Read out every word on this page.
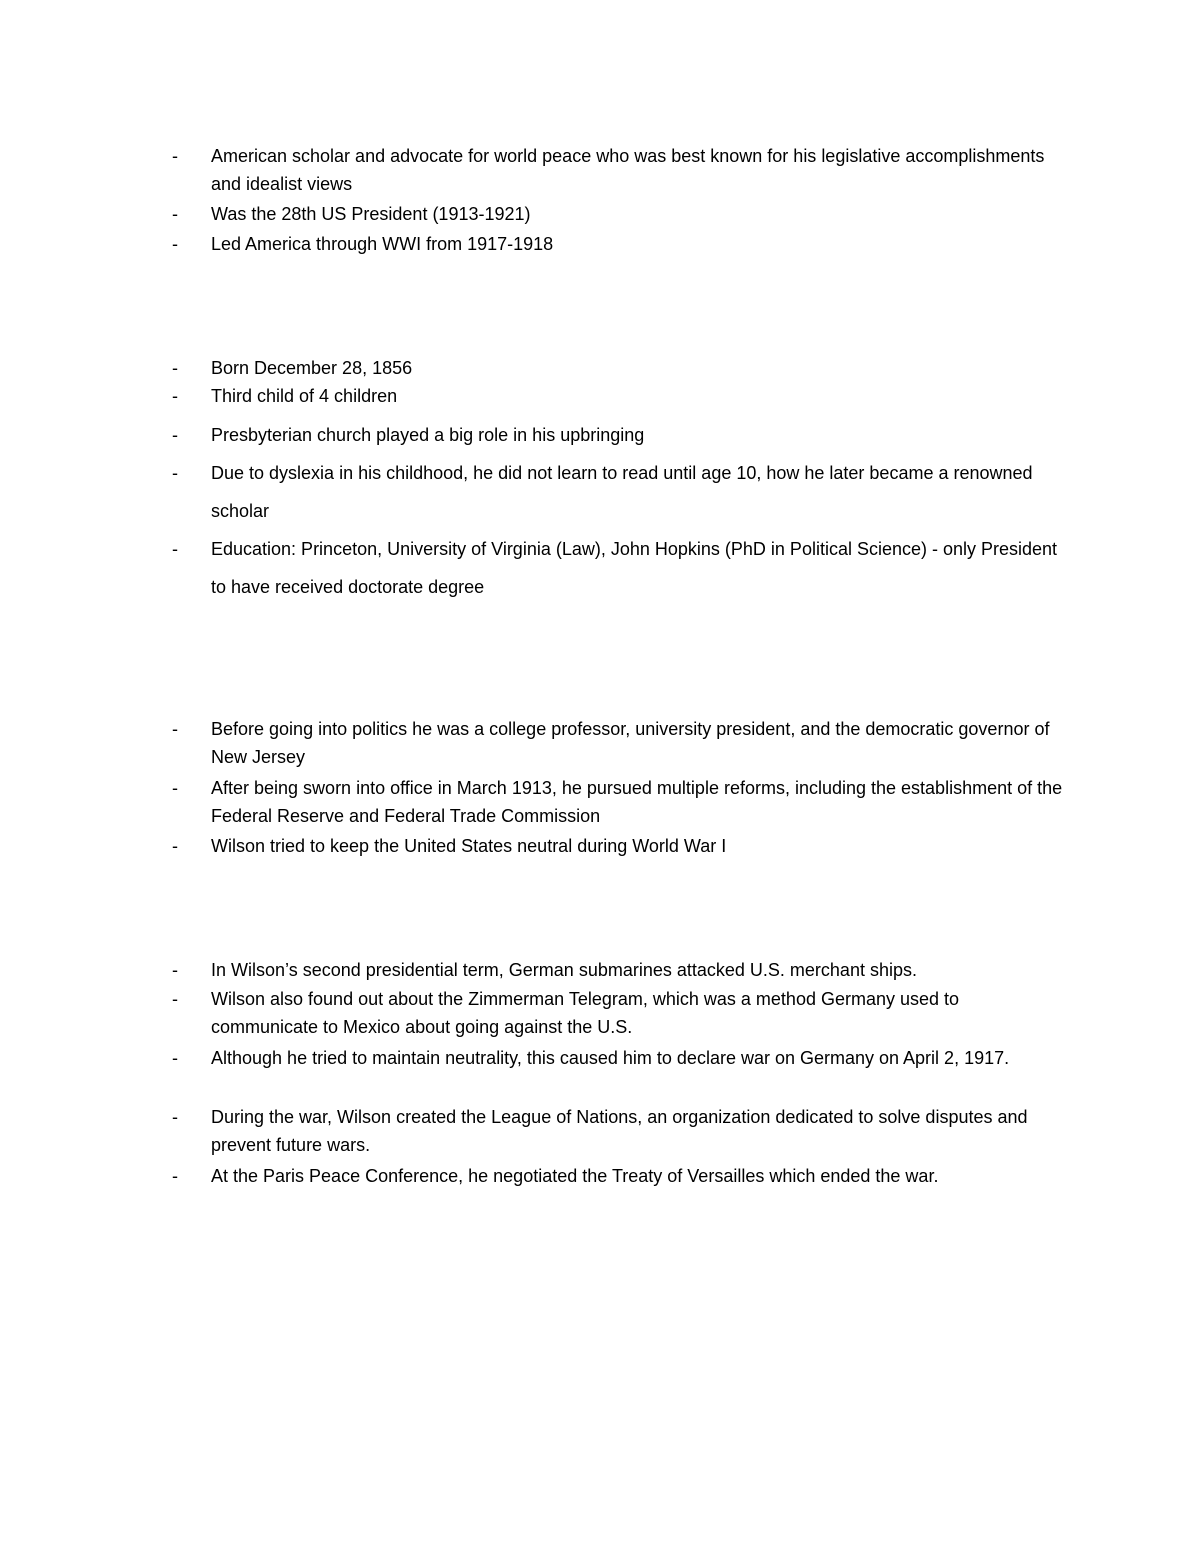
- American scholar and advocate for world peace who was best known for his legislative accomplishments and idealist views
- Was the 28th US President (1913-1921)
- Led America through WWI from 1917-1918
- Born December 28, 1856
- Third child of 4 children
- Presbyterian church played a big role in his upbringing
- Due to dyslexia in his childhood, he did not learn to read until age 10, how he later became a renowned scholar
- Education: Princeton, University of Virginia (Law), John Hopkins (PhD in Political Science) - only President to have received doctorate degree
- Before going into politics he was a college professor, university president, and the democratic governor of New Jersey
- After being sworn into office in March 1913, he pursued multiple reforms, including the establishment of the Federal Reserve and Federal Trade Commission
- Wilson tried to keep the United States neutral during World War I
- In Wilson’s second presidential term, German submarines attacked U.S. merchant ships.
- Wilson also found out about the Zimmerman Telegram, which was a method Germany used to communicate to Mexico about going against the U.S.
- Although he tried to maintain neutrality, this caused him to declare war on Germany on April 2, 1917.
- During the war, Wilson created the League of Nations, an organization dedicated to solve disputes and prevent future wars.
- At the Paris Peace Conference, he negotiated the Treaty of Versailles which ended the war.
